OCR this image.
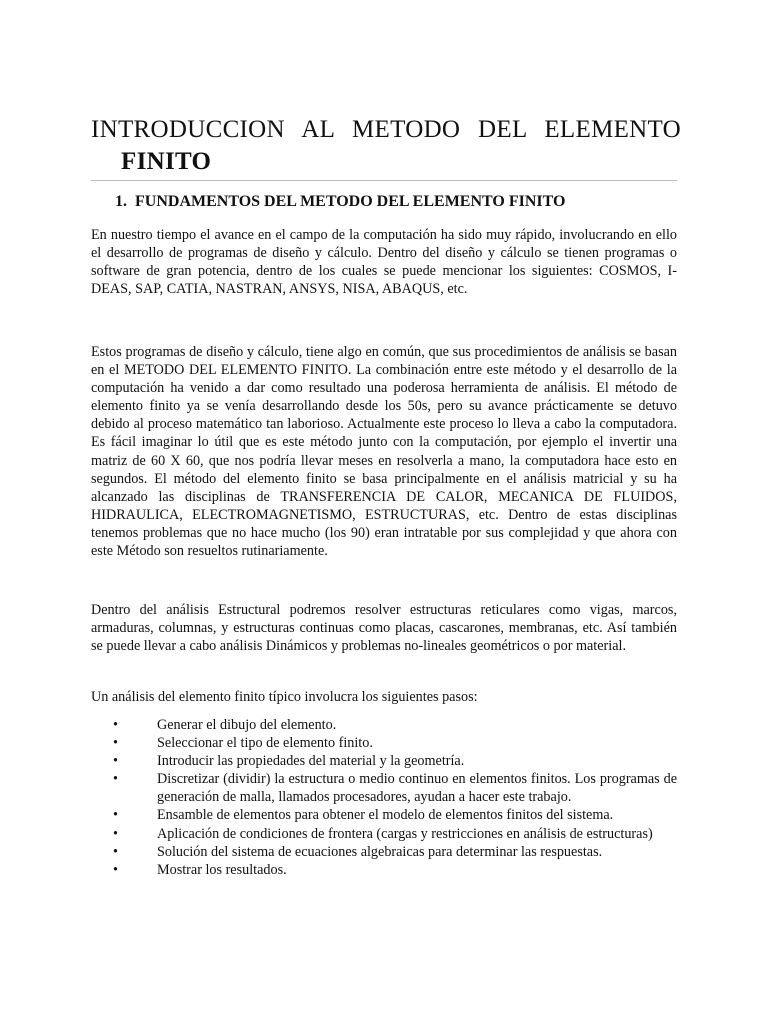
INTRODUCCION AL METODO DEL ELEMENTO
FINITO
1. FUNDAMENTOS DEL METODO DEL ELEMENTO FINITO

En nuestro tiempo el avance en el campo de la computación ha sido muy rápido, involucrando en ello el desarrollo de programas de diseño y cálculo. Dentro del diseño y cálculo se tienen programas o software de gran potencia, dentro de los cuales se puede mencionar los siguientes: COSMOS, I- DEAS, SAP, CATIA, NASTRAN, ANSYS, NISA, ABAQUS, etc.

Estos programas de diseño y cálculo, tiene algo en común, que sus procedimientos de análisis se basan en el METODO DEL ELEMENTO FINITO. La combinación entre este método y el desarrollo de la computación ha venido a dar como resultado una poderosa herramienta de análisis. El método de elemento finito ya se venía desarrollando desde los 50s, pero su avance prácticamente se detuvo debido al proceso matemático tan laborioso. Actualmente este proceso lo lleva a cabo la computadora. Es fácil imaginar lo útil que es este método junto con la computación, por ejemplo el invertir una matriz de 60 X 60, que nos podría llevar meses en resolverla a mano, la computadora hace esto en segundos. El método del elemento finito se basa principalmente en el análisis matricial y su ha alcanzado las disciplinas de TRANSFERENCIA DE CALOR, MECANICA DE FLUIDOS, HIDRAULICA, ELECTROMAGNETISMO, ESTRUCTURAS, etc. Dentro de estas disciplinas tenemos problemas que no hace mucho (los 90) eran intratable por sus complejidad y que ahora con este Método son resueltos rutinariamente.

Dentro del análisis Estructural podremos resolver estructuras reticulares como vigas, marcos, armaduras, columnas, y estructuras continuas como placas, cascarones, membranas, etc. Así también se puede llevar a cabo análisis Dinámicos y problemas no-lineales geométricos o por material.

Un análisis del elemento finito típico involucra los siguientes pasos:

•	Generar el dibujo del elemento.
•	Seleccionar el tipo de elemento finito.
•	Introducir las propiedades del material y la geometría.
•	Discretizar (dividir) la estructura o medio continuo en elementos finitos. Los programas de generación de malla, llamados procesadores, ayudan a hacer este trabajo.
•	Ensamble de elementos para obtener el modelo de elementos finitos del sistema.
•	Aplicación de condiciones de frontera (cargas y restricciones en análisis de estructuras)
•	Solución del sistema de ecuaciones algebraicas para determinar las respuestas.
•	Mostrar los resultados.
